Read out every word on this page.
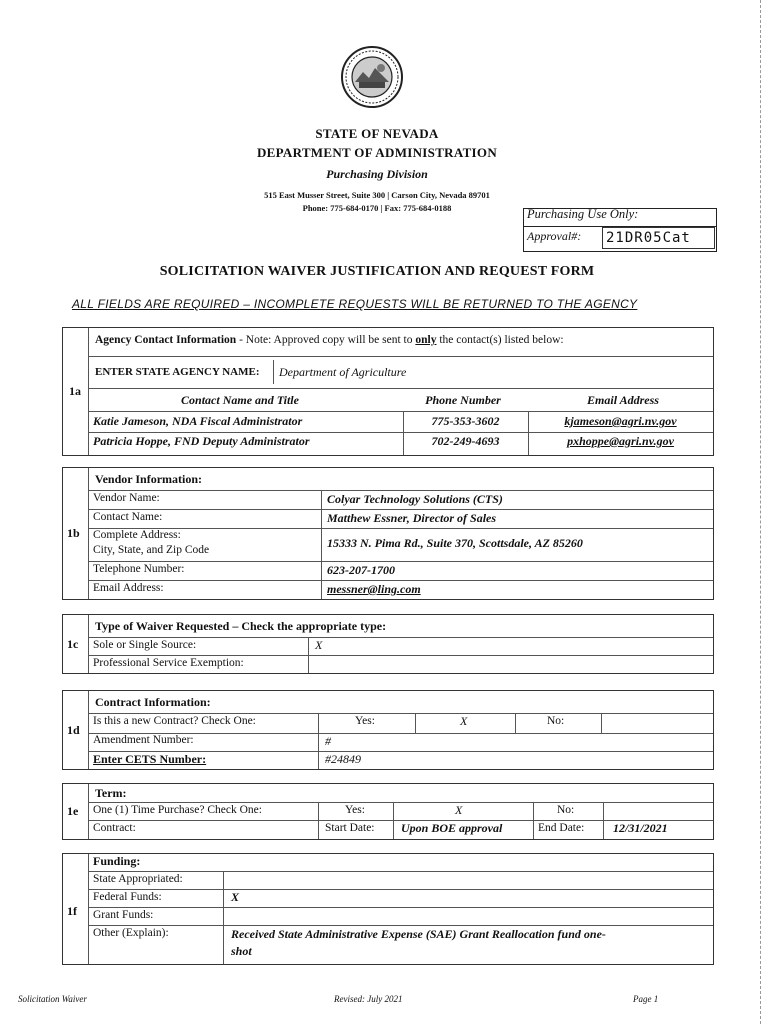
STATE OF NEVADA
DEPARTMENT OF ADMINISTRATION
Purchasing Division
515 East Musser Street, Suite 300 | Carson City, Nevada 89701
Phone: 775-684-0170 | Fax: 775-684-0188	Purchasing Use Only:
Approval#: 21DR05Cat
SOLICITATION WAIVER JUSTIFICATION AND REQUEST FORM
ALL FIELDS ARE REQUIRED – INCOMPLETE REQUESTS WILL BE RETURNED TO THE AGENCY
1a
Agency Contact Information - Note: Approved copy will be sent to only the contact(s) listed below:
ENTER STATE AGENCY NAME: Department of Agriculture
Contact Name and Title	Phone Number	Email Address
Katie Jameson, NDA Fiscal Administrator	775-353-3602	kjameson@agri.nv.gov
Patricia Hoppe, FND Deputy Administrator	702-249-4693	pxhoppe@agri.nv.gov
1b
Vendor Information:
Vendor Name:	Colyar Technology Solutions (CTS)
Contact Name:	Matthew Essner, Director of Sales
Complete Address:
City, State, and Zip Code	15333 N. Pima Rd., Suite 370, Scottsdale, AZ 85260
Telephone Number:	623-207-1700
Email Address:	messner@ling.com
1c
Type of Waiver Requested – Check the appropriate type:
Sole or Single Source:	X
Professional Service Exemption:
1d
Contract Information:
Is this a new Contract? Check One:	Yes:	X	No:
Amendment Number:	#
Enter CETS Number:	#24849
1e
Term:
One (1) Time Purchase? Check One:	Yes:	X	No:
Contract:	Start Date: Upon BOE approval	End Date: 12/31/2021
1f
Funding:
State Appropriated:
Federal Funds:	X
Grant Funds:
Other (Explain):	Received State Administrative Expense (SAE) Grant Reallocation fund one-
shot
Solicitation Waiver	Revised: July 2021	Page 1
